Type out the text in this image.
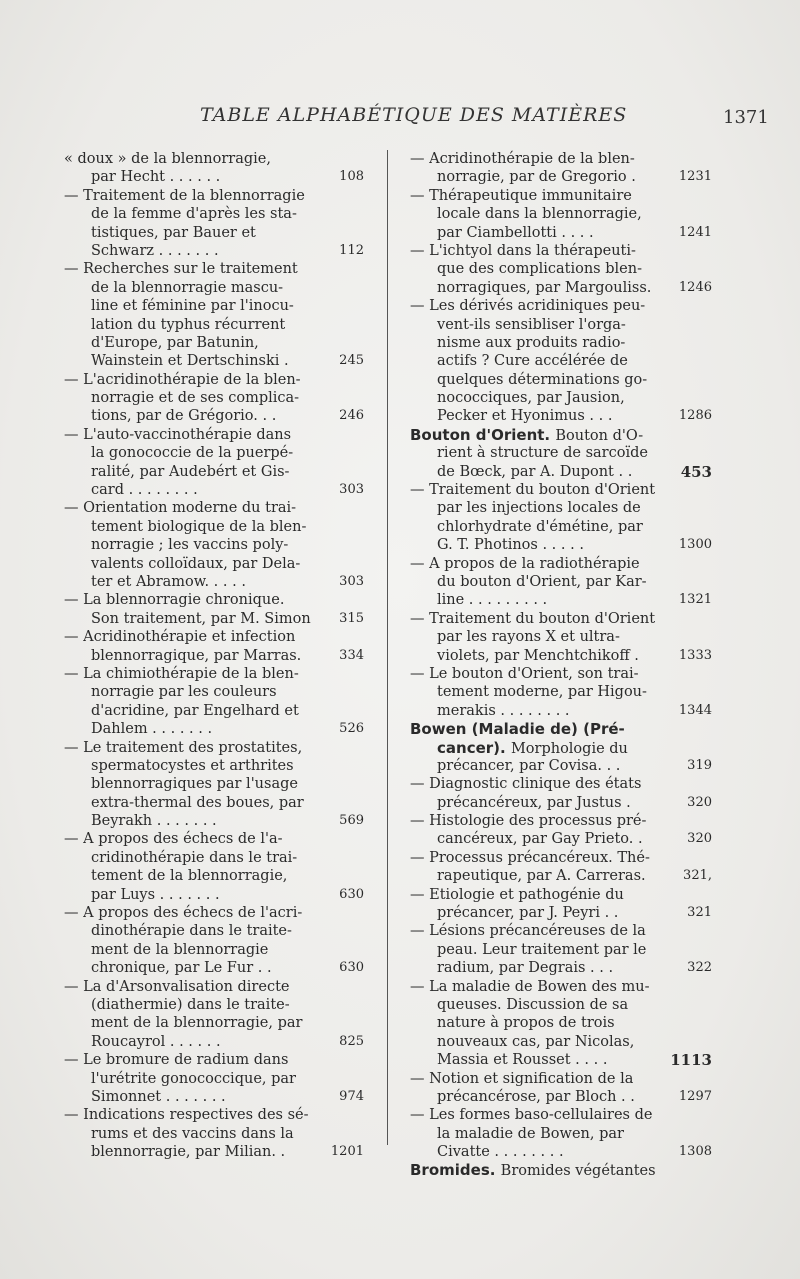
TABLE ALPHABÉTIQUE DES MATIÈRES	1371
« doux » de la blennorragie,
par Hecht . . . . . .	108
— Traitement de la blennorragie
de la femme d'après les sta-
tistiques, par Bauer et
Schwarz . . . . . . .	112
— Recherches sur le traitement
de la blennorragie mascu-
line et féminine par l'inocu-
lation du typhus récurrent
d'Europe, par Batunin,
Wainstein et Dertschinski .	245
— L'acridinothérapie de la blen-
norragie et de ses complica-
tions, par de Grégorio. . .	246
— L'auto-vaccinothérapie dans
la gonococcie de la puerpé-
ralité, par Audebért et Gis-
card . . . . . . . .	303
— Orientation moderne du trai-
tement biologique de la blen-
norragie ; les vaccins poly-
valents colloïdaux, par Dela-
ter et Abramow. . . . .	303
— La blennorragie chronique.
Son traitement, par M. Simon 315
— Acridinothérapie et infection
blennorragique, par Marras.	334
— La chimiothérapie de la blen-
norragie par les couleurs
d'acridine, par Engelhard et
Dahlem . . . . . . .	526
— Le traitement des prostatites,
spermatocystes et arthrites
blennorragiques par l'usage
extra-thermal des boues, par
Beyrakh . . . . . . .	569
— A propos des échecs de l'a-
cridinothérapie dans le trai-
tement de la blennorragie,
par Luys . . . . . . .	630
— A propos des échecs de l'acri-
dinothérapie dans le traite-
ment de la blennorragie
chronique, par Le Fur . .	630
— La d'Arsonvalisation directe
(diathermie) dans le traite-
ment de la blennorragie, par
Roucayrol . . . . . .	825
— Le bromure de radium dans
l'urétrite gonococcique, par
Simonnet . . . . . . .	974
— Indications respectives des sé-
rums et des vaccins dans la
blennorragie, par Milian. .	1201
— Acridinothérapie de la blen-
norragie, par de Gregorio .	1231
— Thérapeutique immunitaire
locale dans la blennorragie,
par Ciambellotti . . . .	1241
— L'ichtyol dans la thérapeuti-
que des complications blen-
norragiques, par Margouliss. 1246
— Les dérivés acridiniques peu-
vent-ils sensibliser l'orga-
nisme aux produits radio-
actifs ? Cure accélérée de
quelques déterminations go-
nococciques, par Jausion,
Pecker et Hyonimus . . .	1286
Bouton d'Orient. Bouton d'O-
rient à structure de sarcoïde
de Bœck, par A. Dupont . .	453
— Traitement du bouton d'Orient
par les injections locales de
chlorhydrate d'émétine, par
G. T. Photinos . . . . .	1300
— A propos de la radiothérapie
du bouton d'Orient, par Kar-
line . . . . . . . . .	1321
— Traitement du bouton d'Orient
par les rayons X et ultra-
violets, par Menchtchikoff .	1333
— Le bouton d'Orient, son trai-
tement moderne, par Higou-
merakis . . . . . . . .	1344
Bowen (Maladie de) (Pré-
cancer). Morphologie du
précancer, par Covisa. . .	319
— Diagnostic clinique des états
précancéreux, par Justus .	320
— Histologie des processus pré-
cancéreux, par Gay Prieto. .	320
— Processus précancéreux. Thé-
rapeutique, par A. Carreras.	321,
— Etiologie et pathogénie du
précancer, par J. Peyri . .	321
— Lésions précancéreuses de la
peau. Leur traitement par le
radium, par Degrais . . .	322
— La maladie de Bowen des mu-
queuses. Discussion de sa
nature à propos de trois
nouveaux cas, par Nicolas,
Massia et Rousset . . . .	1113
— Notion et signification de la
précancérose, par Bloch . .	1297
— Les formes baso-cellulaires de
la maladie de Bowen, par
Civatte . . . . . . . .	1308
Bromides. Bromides végétantes
